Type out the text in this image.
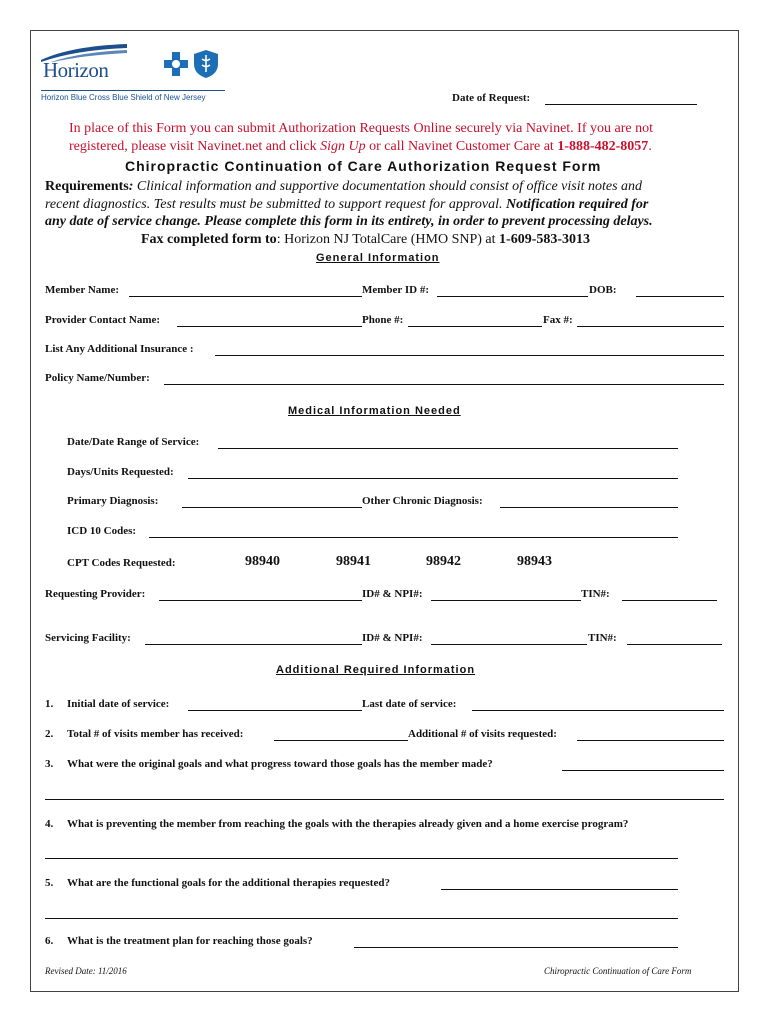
Horizon
Horizon Blue Cross Blue Shield of New Jersey	Date of Request:
In place of this Form you can submit Authorization Requests Online securely via Navinet. If you are not
registered, please visit Navinet.net and click Sign Up or call Navinet Customer Care at 1-888-482-8057.
Chiropractic Continuation of Care Authorization Request Form
Requirements: Clinical information and supportive documentation should consist of office visit notes and
recent diagnostics. Test results must be submitted to support request for approval. Notification required for
any date of service change. Please complete this form in its entirety, in order to prevent processing delays.
Fax completed form to: Horizon NJ TotalCare (HMO SNP) at 1-609-583-3013
General Information
Member Name:	Member ID #:	DOB:
Provider Contact Name:	Phone #:	Fax #:
List Any Additional Insurance :
Policy Name/Number:
Medical Information Needed
Date/Date Range of Service:
Days/Units Requested:
Primary Diagnosis:	Other Chronic Diagnosis:
ICD 10 Codes:
CPT Codes Requested:	98940	98941	98942	98943
Requesting Provider:	ID# & NPI#:	TIN#:
Servicing Facility:	ID# & NPI#:	TIN#:
Additional Required Information
1. Initial date of service:	Last date of service:
2. Total # of visits member has received:	Additional # of visits requested:
3. What were the original goals and what progress toward those goals has the member made?
4. What is preventing the member from reaching the goals with the therapies already given and a home exercise program?
5. What are the functional goals for the additional therapies requested?
6. What is the treatment plan for reaching those goals?
Revised Date: 11/2016	Chiropractic Continuation of Care Form
